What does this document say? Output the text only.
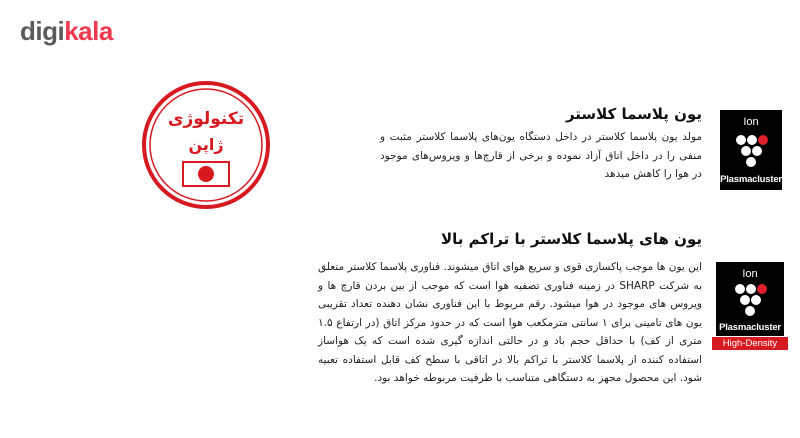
digikala
تکنولوژی
ژاپن
یون پلاسما کلاستر
مولد یون پلاسما کلاستر در داخل دستگاه یون‌های پلاسما کلاستر مثبت و منفی را در داخل اتاق آزاد نموده و برخی از قارچ‌ها و ویروس‌های موجود در هوا را کاهش میدهد
Ion
Plasmacluster
یون های پلاسما کلاستر با تراکم بالا
این یون ها موجب پاکسازی قوی و سریع هوای اتاق میشوند. فناوری پلاسما کلاستر متعلق به شرکت SHARP در زمینه فناوری تصفیه هوا است که موجب از بین بردن قارچ ها و ویروس های موجود در هوا میشود. رقم مربوط با این فناوری نشان دهنده تعداد تقریبی یون های تامینی برای ۱ سانتی مترمکعب هوا است که در حدود مرکز اتاق (در ارتفاع ۱.۵ متری از کف) با حداقل حجم باد و در حالتی اندازه گیری شده است که یک هواساز استفاده کننده از پلاسما کلاستر با تراکم بالا در اتاقی با سطح کف قابل استفاده تعبیه شود. این محصول مجهز به دستگاهی متناسب با ظرفیت مربوطه خواهد بود.
Ion
Plasmacluster
High-Density 7000
